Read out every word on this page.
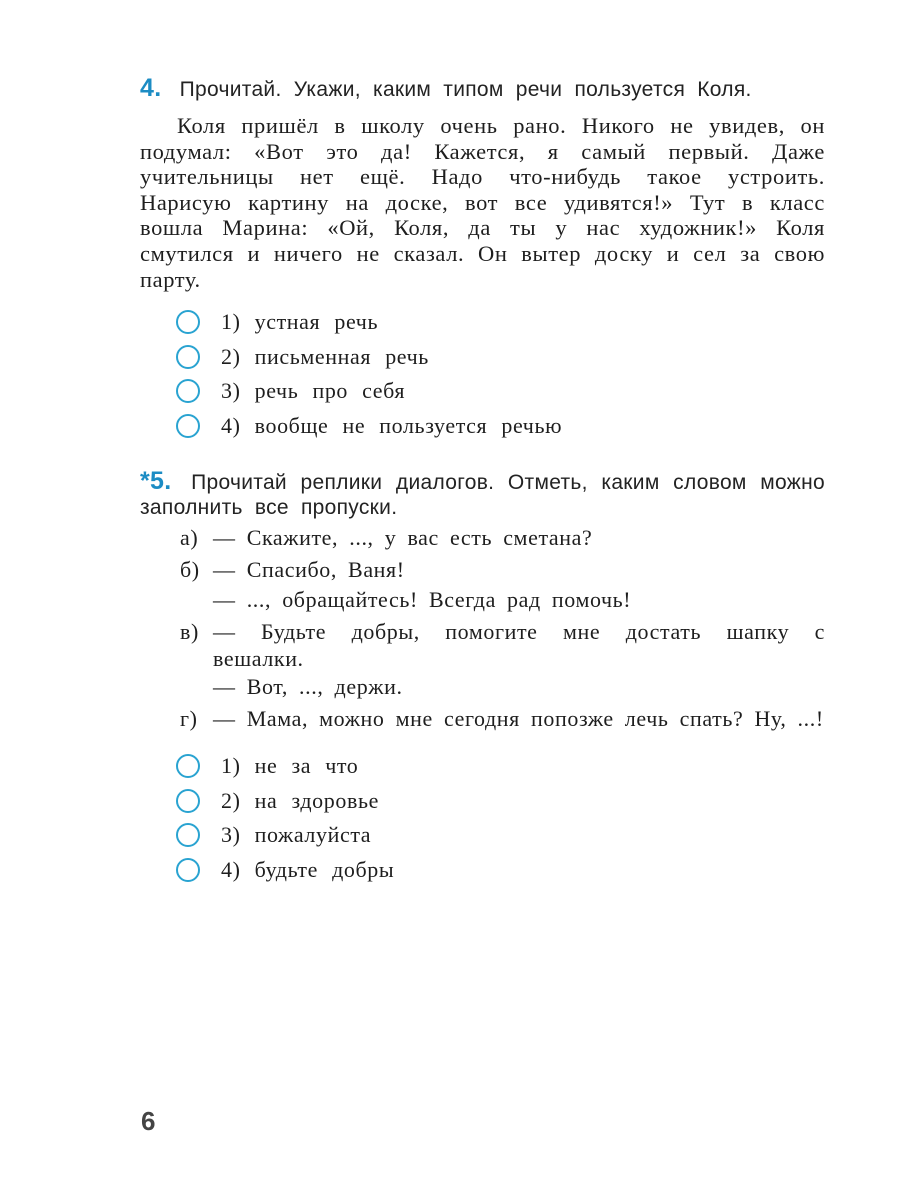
4. Прочитай. Укажи, каким типом речи пользуется Коля.

Коля пришёл в школу очень рано. Никого не увидев, он подумал: «Вот это да! Кажется, я самый первый. Даже учительницы нет ещё. Надо что-нибудь такое устроить. Нарисую картину на доске, вот все удивятся!» Тут в класс вошла Марина: «Ой, Коля, да ты у нас художник!» Коля смутился и ничего не сказал. Он вытер доску и сел за свою парту.

1) устная речь
2) письменная речь
3) речь про себя
4) вообще не пользуется речью
*5. Прочитай реплики диалогов. Отметь, каким словом можно заполнить все пропуски.
а) — Скажите, ..., у вас есть сметана?
б) — Спасибо, Ваня!
— ..., обращайтесь! Всегда рад помочь!
в) — Будьте добры, помогите мне достать шапку с вешалки.
— Вот, ..., держи.
г) — Мама, можно мне сегодня попозже лечь спать? Ну, ...!
1) не за что
2) на здоровье
3) пожалуйста
4) будьте добры
6
